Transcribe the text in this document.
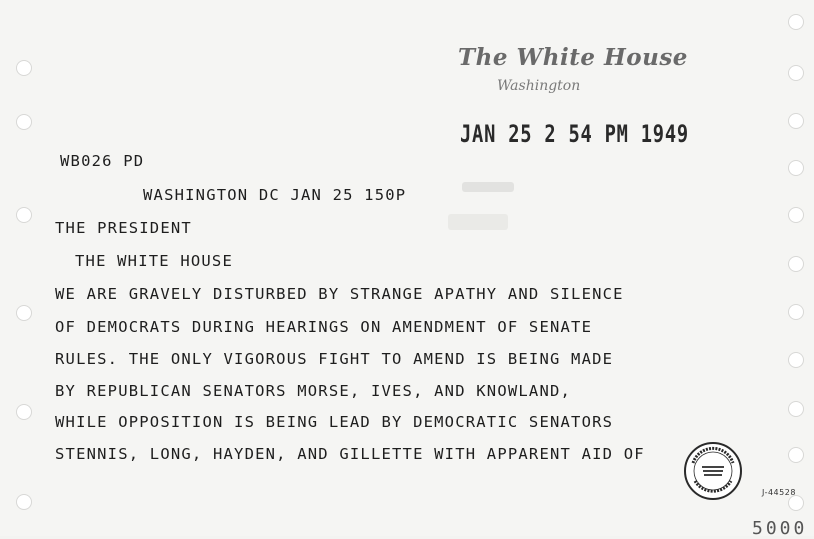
The White House
Washington
JAN 25 2 54 PM 1949
WB026 PD
WASHINGTON DC JAN 25 150P
THE PRESIDENT
THE WHITE HOUSE
WE ARE GRAVELY DISTURBED BY STRANGE APATHY AND SILENCE
OF DEMOCRATS DURING HEARINGS ON AMENDMENT OF SENATE
RULES. THE ONLY VIGOROUS FIGHT TO AMEND IS BEING MADE
BY REPUBLICAN SENATORS MORSE, IVES, AND KNOWLAND,
WHILE OPPOSITION IS BEING LEAD BY DEMOCRATIC SENATORS
STENNIS, LONG, HAYDEN, AND GILLETTE WITH APPARENT AID OF
J-44528
5000
